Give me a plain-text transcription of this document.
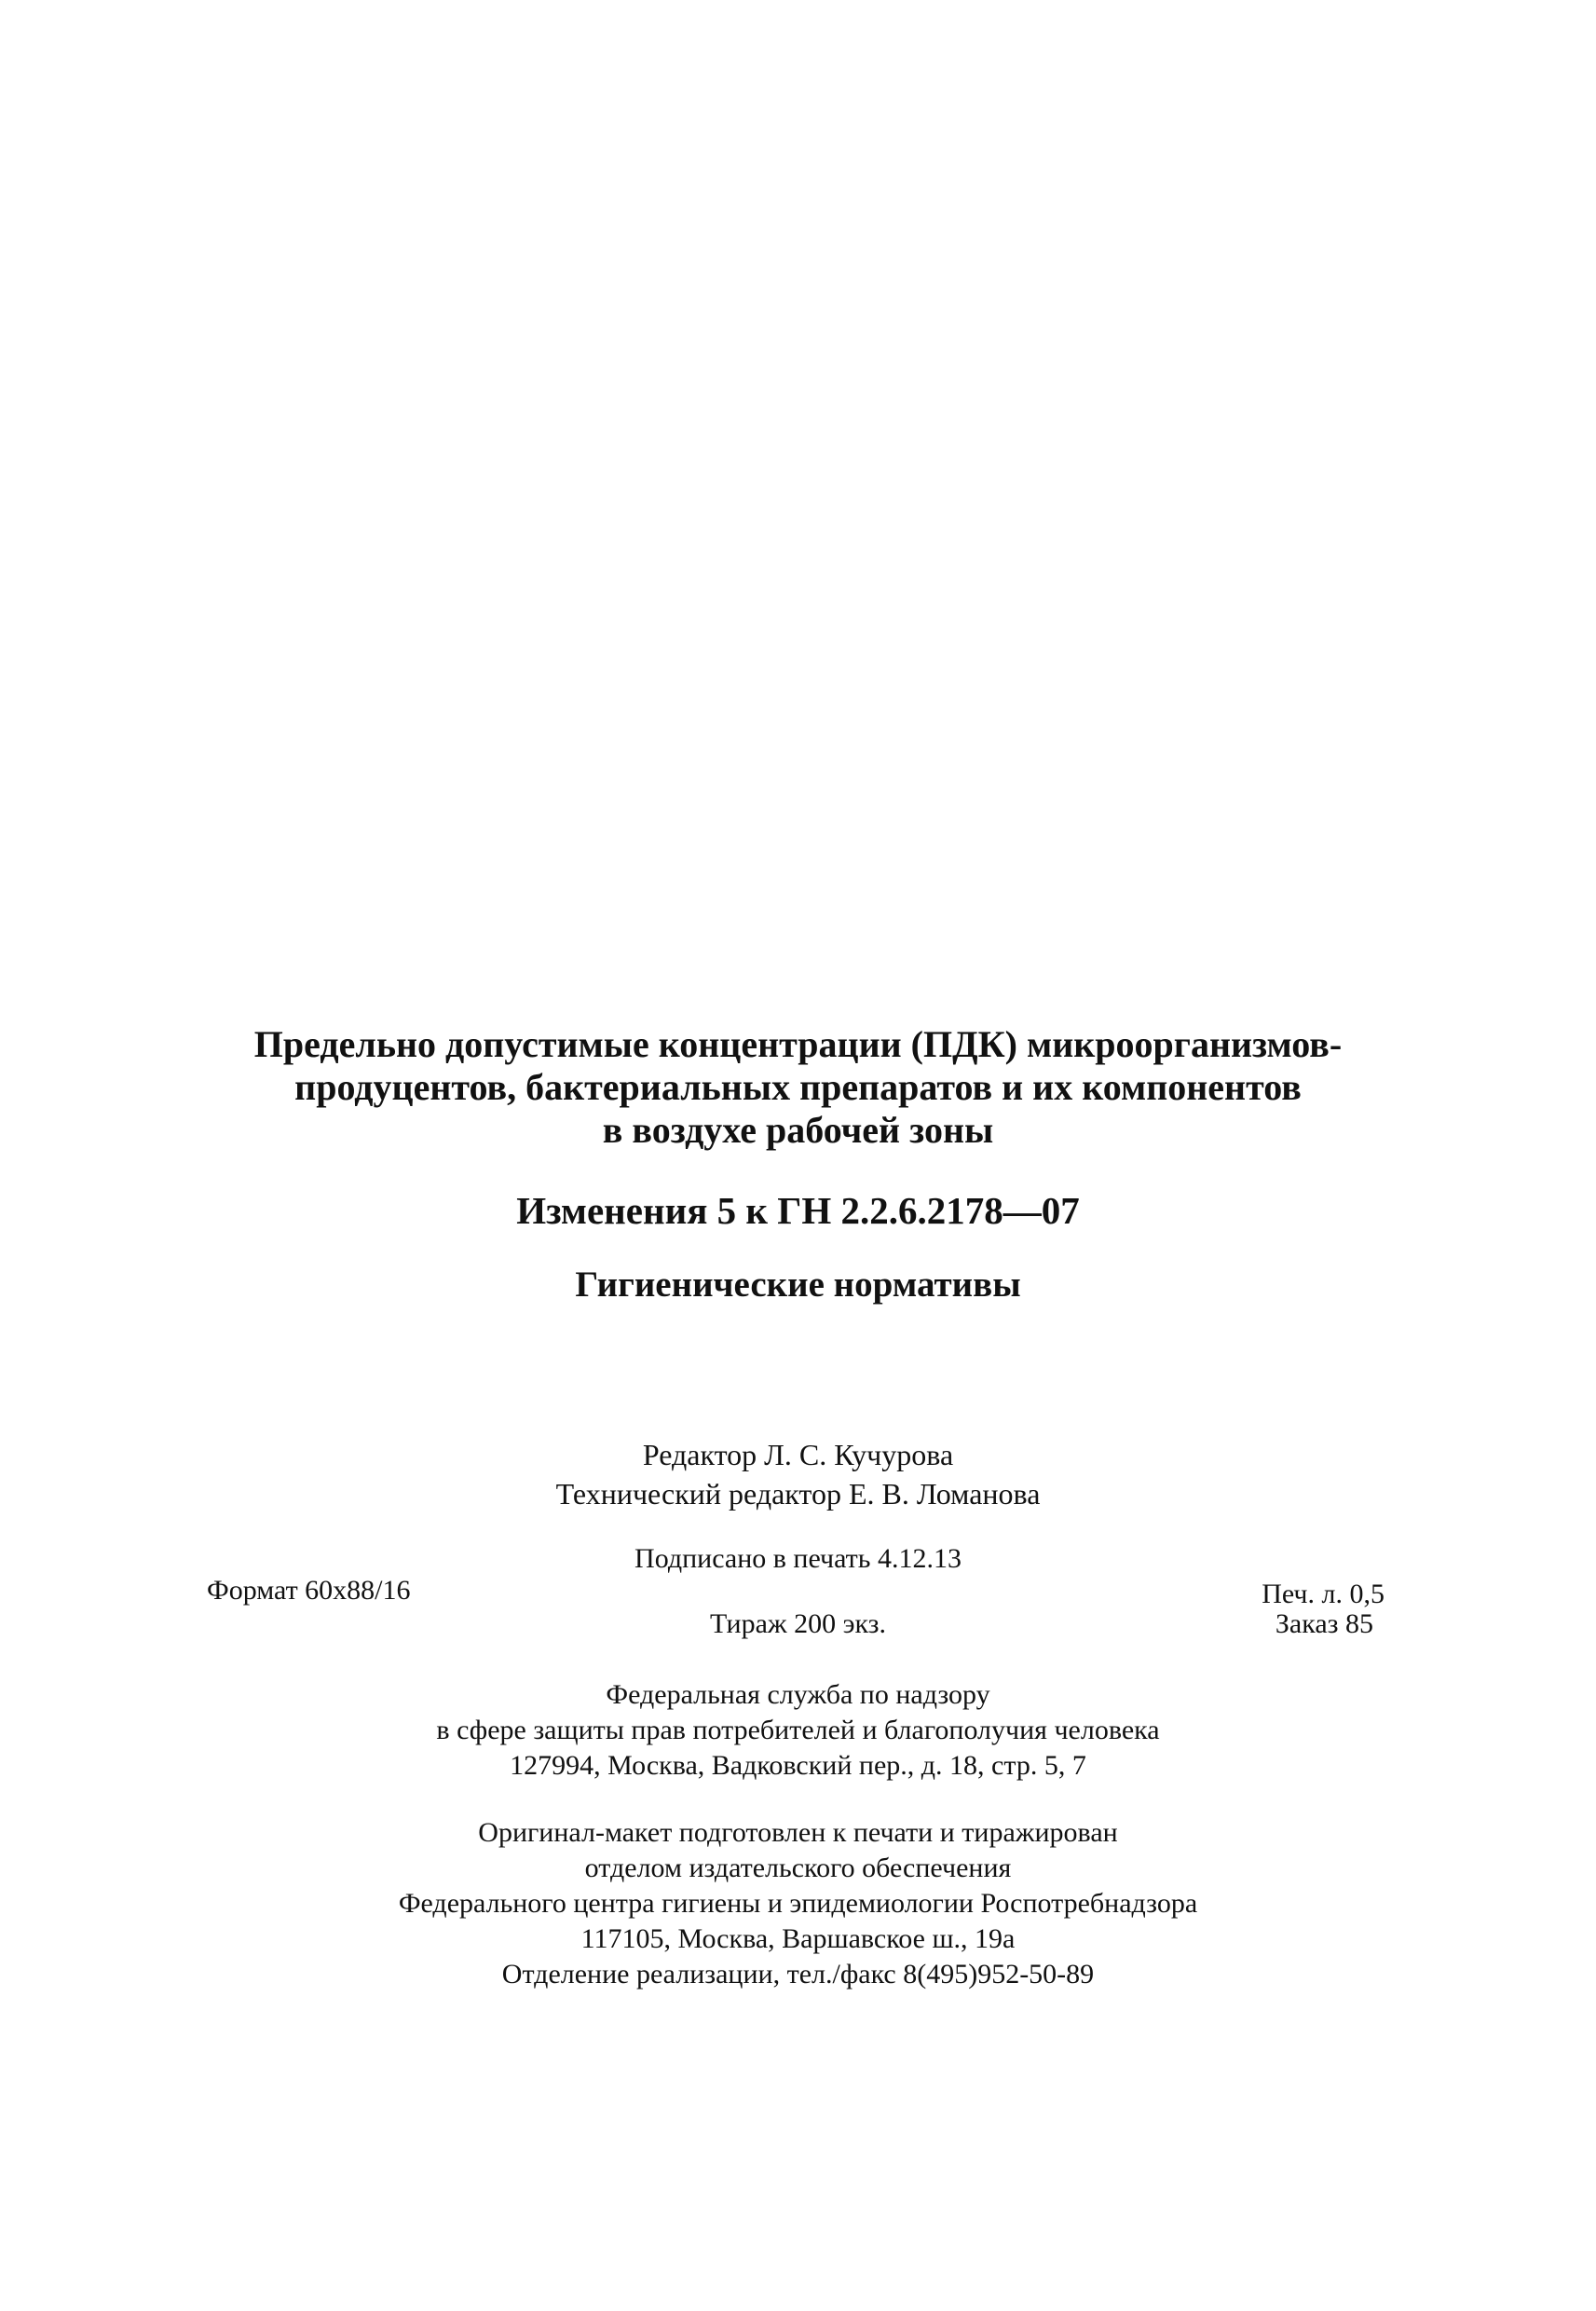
Предельно допустимые концентрации (ПДК) микроорганизмов-
продуцентов, бактериальных препаратов и их компонентов
в воздухе рабочей зоны
Изменения 5 к ГН 2.2.6.2178—07
Гигиенические нормативы
Редактор Л. С. Кучурова
Технический редактор Е. В. Ломанова
Подписано в печать 4.12.13
Формат 60x88/16	Печ. л. 0,5
Тираж 200 экз.	Заказ 85
Федеральная служба по надзору
в сфере защиты прав потребителей и благополучия человека
127994, Москва, Вадковский пер., д. 18, стр. 5, 7
Оригинал-макет подготовлен к печати и тиражирован
отделом издательского обеспечения
Федерального центра гигиены и эпидемиологии Роспотребнадзора
117105, Москва, Варшавское ш., 19а
Отделение реализации, тел./факс 8(495)952-50-89
